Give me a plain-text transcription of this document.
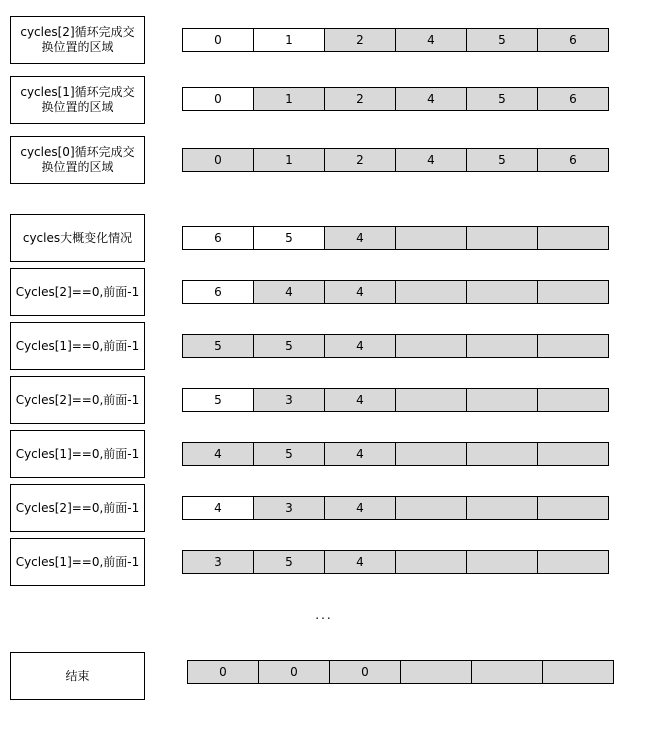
...
cycles[2]循环完成交
换位置的区域	0	1	2	4	5	6
cycles[1]循环完成交
换位置的区域
0	1	2	4	5	6
cycles[0]循环完成交
换位置的区域	0	1	2	4	5	6
cycles大概变化情况	6	5	4
Cycles[2]==0,前面-1	6	4	4
Cycles[1]==0,前面-1	5	5	4
Cycles[2]==0,前面-1	5	3	4
Cycles[1]==0,前面-1	4	5	4
Cycles[2]==0,前面-1	4	3	4
Cycles[1]==0,前面-1	3	5	4
结束	0	0	0
